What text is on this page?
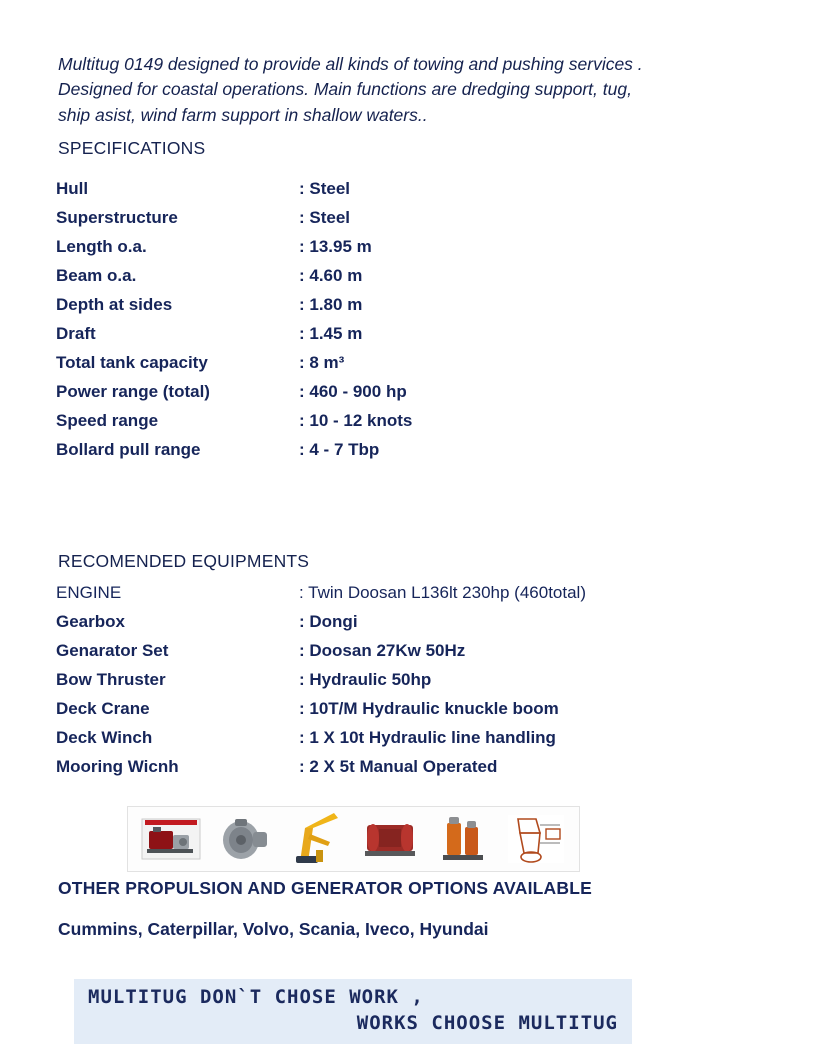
Multitug 0149 designed to provide all kinds of towing and pushing services . Designed for coastal operations. Main functions are dredging support, tug, ship asist, wind farm support in shallow waters..

SPECIFICATIONS
Hull	: Steel
Superstructure	: Steel
Length o.a.	: 13.95 m
Beam o.a.	: 4.60 m
Depth at sides	: 1.80 m
Draft	: 1.45 m
Total tank capacity	: 8 m³
Power range (total)	: 460 - 900 hp
Speed range	: 10 - 12 knots
Bollard pull range	: 4 - 7 Tbp
RECOMENDED EQUIPMENTS
ENGINE	: Twin Doosan L136lt 230hp (460total)
Gearbox	: Dongi
Genarator Set	: Doosan 27Kw 50Hz
Bow Thruster	: Hydraulic 50hp
Deck Crane	: 10T/M Hydraulic knuckle boom
Deck Winch	: 1 X 10t Hydraulic line handling
Mooring Wicnh	: 2 X 5t Manual Operated
OTHER PROPULSION AND GENERATOR OPTIONS AVAILABLE
Cummins, Caterpillar, Volvo, Scania, Iveco, Hyundai
MULTITUG DON`T CHOSE WORK ,
WORKS CHOOSE MULTITUG
